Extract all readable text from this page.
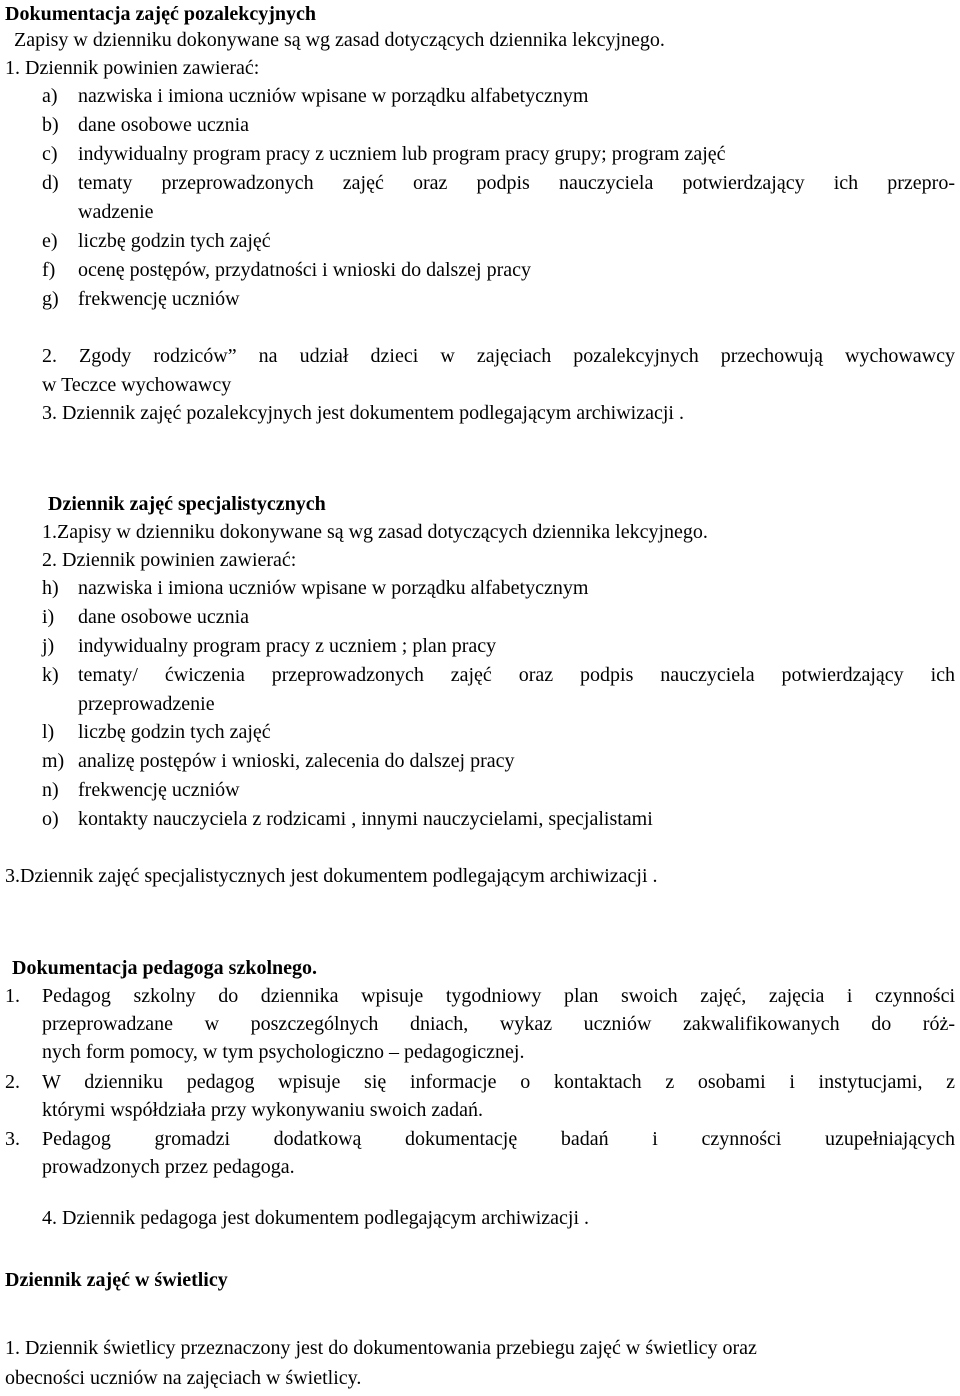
Dokumentacja zajęć pozalekcyjnych
Zapisy w dzienniku dokonywane są wg zasad dotyczących dziennika lekcyjnego.
1. Dziennik powinien zawierać:
a) nazwiska i imiona uczniów wpisane w porządku alfabetycznym
b) dane osobowe ucznia
c) indywidualny program pracy z uczniem lub program pracy grupy; program zajęć
d) tematy przeprowadzonych zajęć oraz podpis nauczyciela potwierdzający ich przepro-
wadzenie
e) liczbę godzin tych zajęć
f) ocenę postępów, przydatności i wnioski do dalszej pracy
g) frekwencję uczniów
2. Zgody rodziców” na udział dzieci w zajęciach pozalekcyjnych przechowują wychowawcy
w Teczce wychowawcy
3. Dziennik zajęć pozalekcyjnych jest dokumentem podlegającym archiwizacji .
Dziennik zajęć specjalistycznych
1.Zapisy w dzienniku dokonywane są wg zasad dotyczących dziennika lekcyjnego.
2. Dziennik powinien zawierać:
h) nazwiska i imiona uczniów wpisane w porządku alfabetycznym
i) dane osobowe ucznia
j) indywidualny program pracy z uczniem ; plan pracy
k) tematy/ ćwiczenia przeprowadzonych zajęć oraz podpis nauczyciela potwierdzający ich
przeprowadzenie
l) liczbę godzin tych zajęć
m) analizę postępów i wnioski, zalecenia do dalszej pracy
n) frekwencję uczniów
o) kontakty nauczyciela z rodzicami , innymi nauczycielami, specjalistami
3.Dziennik zajęć specjalistycznych jest dokumentem podlegającym archiwizacji .
Dokumentacja pedagoga szkolnego.
1. Pedagog szkolny do dziennika wpisuje tygodniowy plan swoich zajęć, zajęcia i czynności
przeprowadzane w poszczególnych dniach, wykaz uczniów zakwalifikowanych do róż-
nych form pomocy, w tym psychologiczno – pedagogicznej.
2. W dzienniku pedagog wpisuje się informacje o kontaktach z osobami i instytucjami, z
którymi współdziała przy wykonywaniu swoich zadań.
3. Pedagog gromadzi dodatkową dokumentację badań i czynności uzupełniających
prowadzonych przez pedagoga.
4. Dziennik pedagoga jest dokumentem podlegającym archiwizacji .
Dziennik zajęć w świetlicy
1. Dziennik świetlicy przeznaczony jest do dokumentowania przebiegu zajęć w świetlicy oraz
obecności uczniów na zajęciach w świetlicy.
